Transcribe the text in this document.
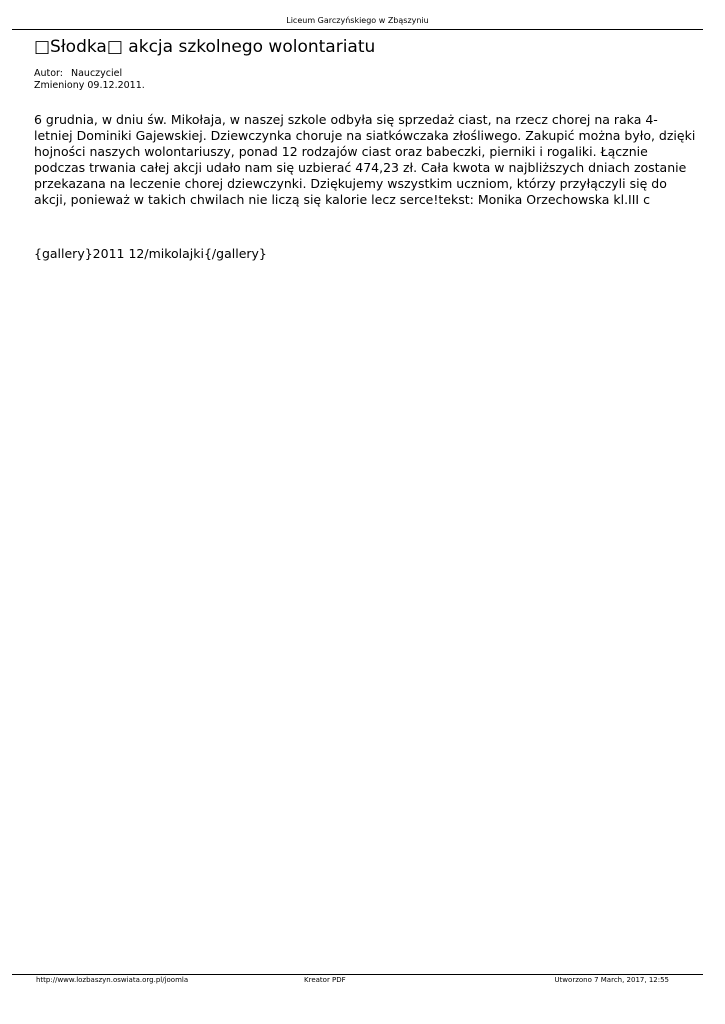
Liceum Garczyńskiego w Zbąszyniu
□Słodka□ akcja szkolnego wolontariatu
Autor: Nauczyciel
Zmieniony 09.12.2011.
6 grudnia, w dniu św. Mikołaja, w naszej szkole odbyła się sprzedaż ciast, na rzecz chorej na raka 4-
letniej Dominiki Gajewskiej. Dziewczynka choruje na siatkówczaka złośliwego. Zakupić można było, dzięki
hojności naszych wolontariuszy, ponad 12 rodzajów ciast oraz babeczki, pierniki i rogaliki. Łącznie
podczas trwania całej akcji udało nam się uzbierać 474,23 zł. Cała kwota w najbliższych dniach zostanie
przekazana na leczenie chorej dziewczynki. Dziękujemy wszystkim uczniom, którzy przyłączyli się do
akcji, ponieważ w takich chwilach nie liczą się kalorie lecz serce!tekst: Monika Orzechowska kl.III c
{gallery}2011 12/mikolajki{/gallery}
http://www.lozbaszyn.oswiata.org.pl/joomla	Kreator PDF	Utworzono 7 March, 2017, 12:55
